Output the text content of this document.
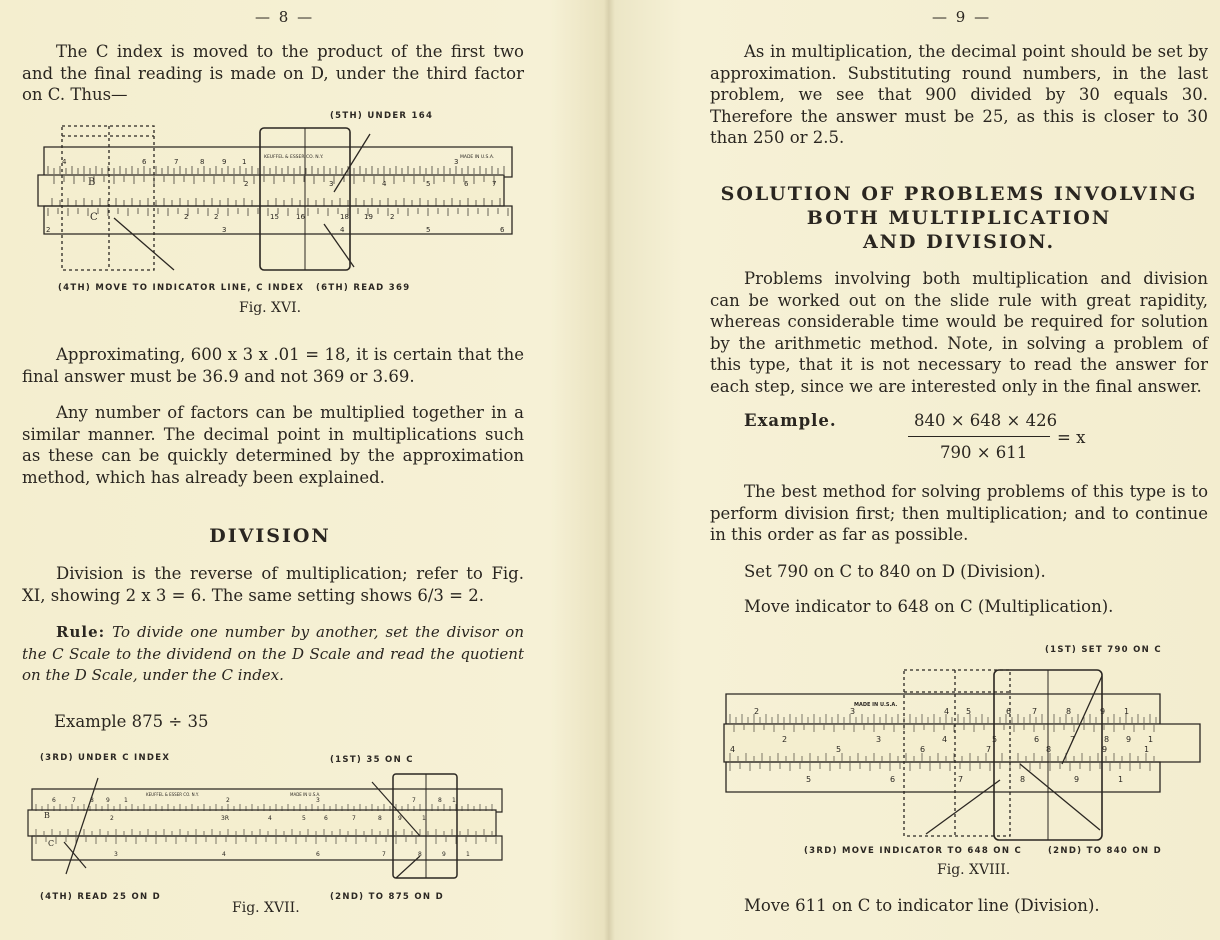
— 8 —

The C index is moved to the product of the first two and the final reading is made on D, under the third factor on C. Thus—

(5TH) UNDER 164
4	6	7	8	9 1	3
2	3	4	5	6	7
B
C	2	2	15 16	18 19 2
3	4	5	6
2
MADE IN U.S.A.
KEUFFEL & ESSER CO. N.Y.
(4TH) MOVE TO INDICATOR LINE, C INDEX (6TH) READ 369
Fig. XVI.

Approximating, 600 x 3 x .01 = 18, it is certain that the final answer must be 36.9 and not 369 or 3.69.

Any number of factors can be multiplied together in a similar manner. The decimal point in multiplications such as these can be quickly determined by the approximation method, which has already been explained.

DIVISION

Division is the reverse of multiplication; refer to Fig. XI, showing 2 x 3 = 6. The same setting shows 6/3 = 2.

Rule: To divide one number by another, set the divisor on the C Scale to the dividend on the D Scale and read the quotient on the D Scale, under the C index.

Example 875 ÷ 35
(3RD) UNDER C INDEX	(1ST) 35 ON C
6	7 8 9 1	2	3	7	8 1
2	3R	4	5	6	7	8	9	1
B
C
3	4	6	7	8	9	1
KEUFFEL & ESSER CO. N.Y.	MADE IN U.S.A.
(4TH) READ 25 ON D	(2ND) TO 875 ON D
Fig. XVII.
— 9 —

As in multiplication, the decimal point should be set by approximation. Substituting round numbers, in the last problem, we see that 900 divided by 30 equals 30. Therefore the answer must be 25, as this is closer to 30 than 250 or 2.5.

SOLUTION OF PROBLEMS INVOLVING
BOTH MULTIPLICATION
AND DIVISION.

Problems involving both multiplication and division can be worked out on the slide rule with great rapidity, whereas considerable time would be required for solution by the arithmetic method. Note, in solving a problem of this type, that it is not necessary to read the answer for each step, since we are interested only in the final answer.

Example.	840 × 648 × 426
= x
790 × 611

The best method for solving problems of this type is to perform division first; then multiplication; and to continue in this order as far as possible.

Set 790 on C to 840 on D (Division).
Move indicator to 648 on C (Multiplication).
(1ST) SET 790 ON C
2	3	4 5	6	7	8	9 1
2	3	4	5	6	7	8 9 1
4	5	6	7	8	9	1
5	6	7	8	9	1
MADE IN U.S.A.
(3RD) MOVE INDICATOR TO 648 ON C	(2ND) TO 840 ON D
Fig. XVIII.
Move 611 on C to indicator line (Division).
